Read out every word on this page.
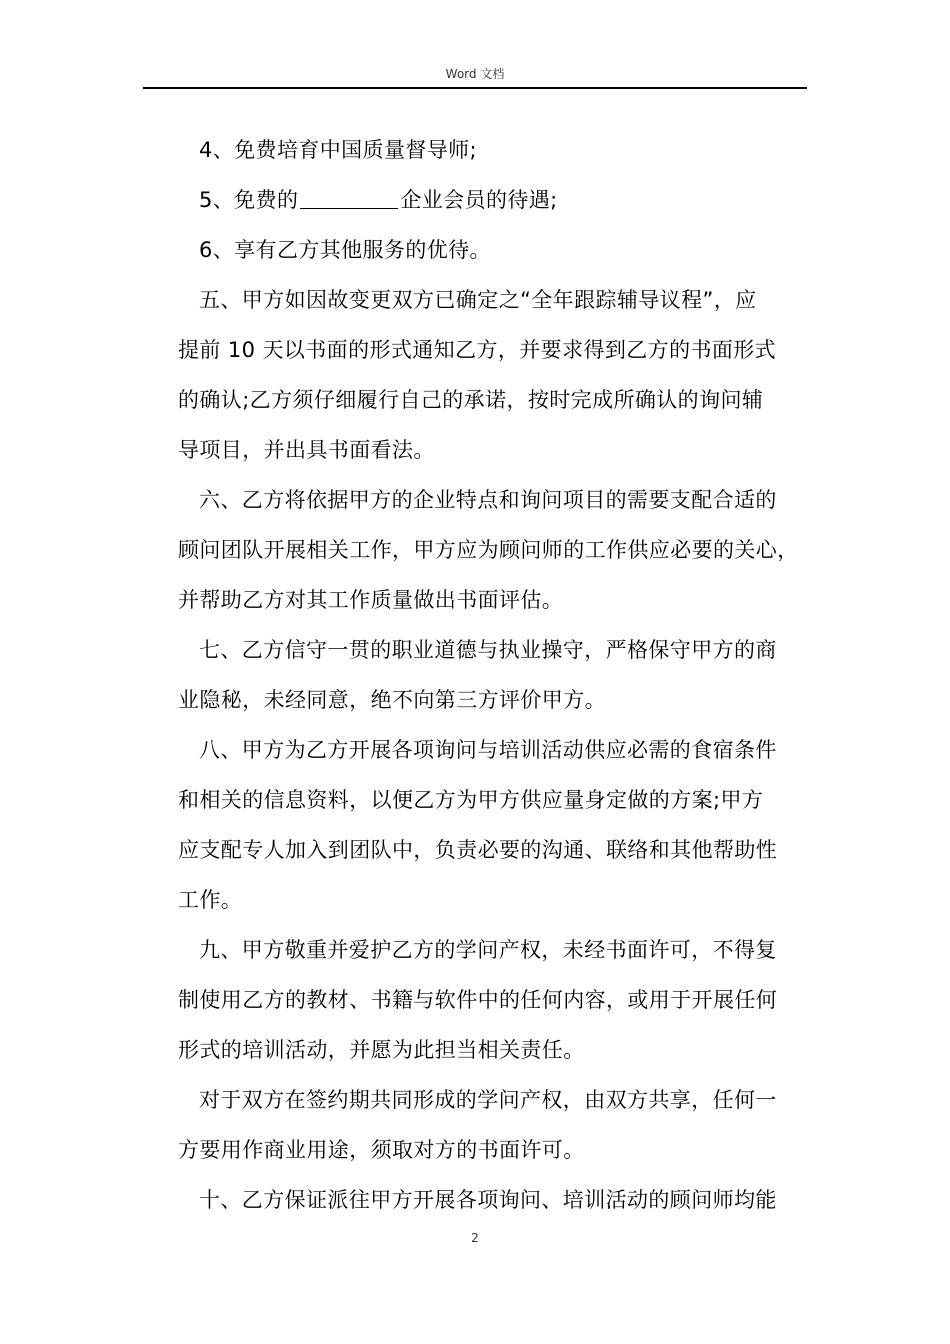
Word 文档
4、免费培育中国质量督导师;
5、免费的	企业会员的待遇;
6、享有乙方其他服务的优待。
五、甲方如因故变更双方已确定之“全年跟踪辅导议程”，应
提前 10 天以书面的形式通知乙方，并要求得到乙方的书面形式
的确认;乙方须仔细履行自己的承诺，按时完成所确认的询问辅
导项目，并出具书面看法。
六、乙方将依据甲方的企业特点和询问项目的需要支配合适的
顾问团队开展相关工作，甲方应为顾问师的工作供应必要的关心，
并帮助乙方对其工作质量做出书面评估。
七、乙方信守一贯的职业道德与执业操守，严格保守甲方的商
业隐秘，未经同意，绝不向第三方评价甲方。
八、甲方为乙方开展各项询问与培训活动供应必需的食宿条件
和相关的信息资料，以便乙方为甲方供应量身定做的方案;甲方
应支配专人加入到团队中，负责必要的沟通、联络和其他帮助性
工作。
九、甲方敬重并爱护乙方的学问产权，未经书面许可，不得复
制使用乙方的教材、书籍与软件中的任何内容，或用于开展任何
形式的培训活动，并愿为此担当相关责任。
对于双方在签约期共同形成的学问产权，由双方共享，任何一
方要用作商业用途，须取对方的书面许可。
十、乙方保证派往甲方开展各项询问、培训活动的顾问师均能
2
